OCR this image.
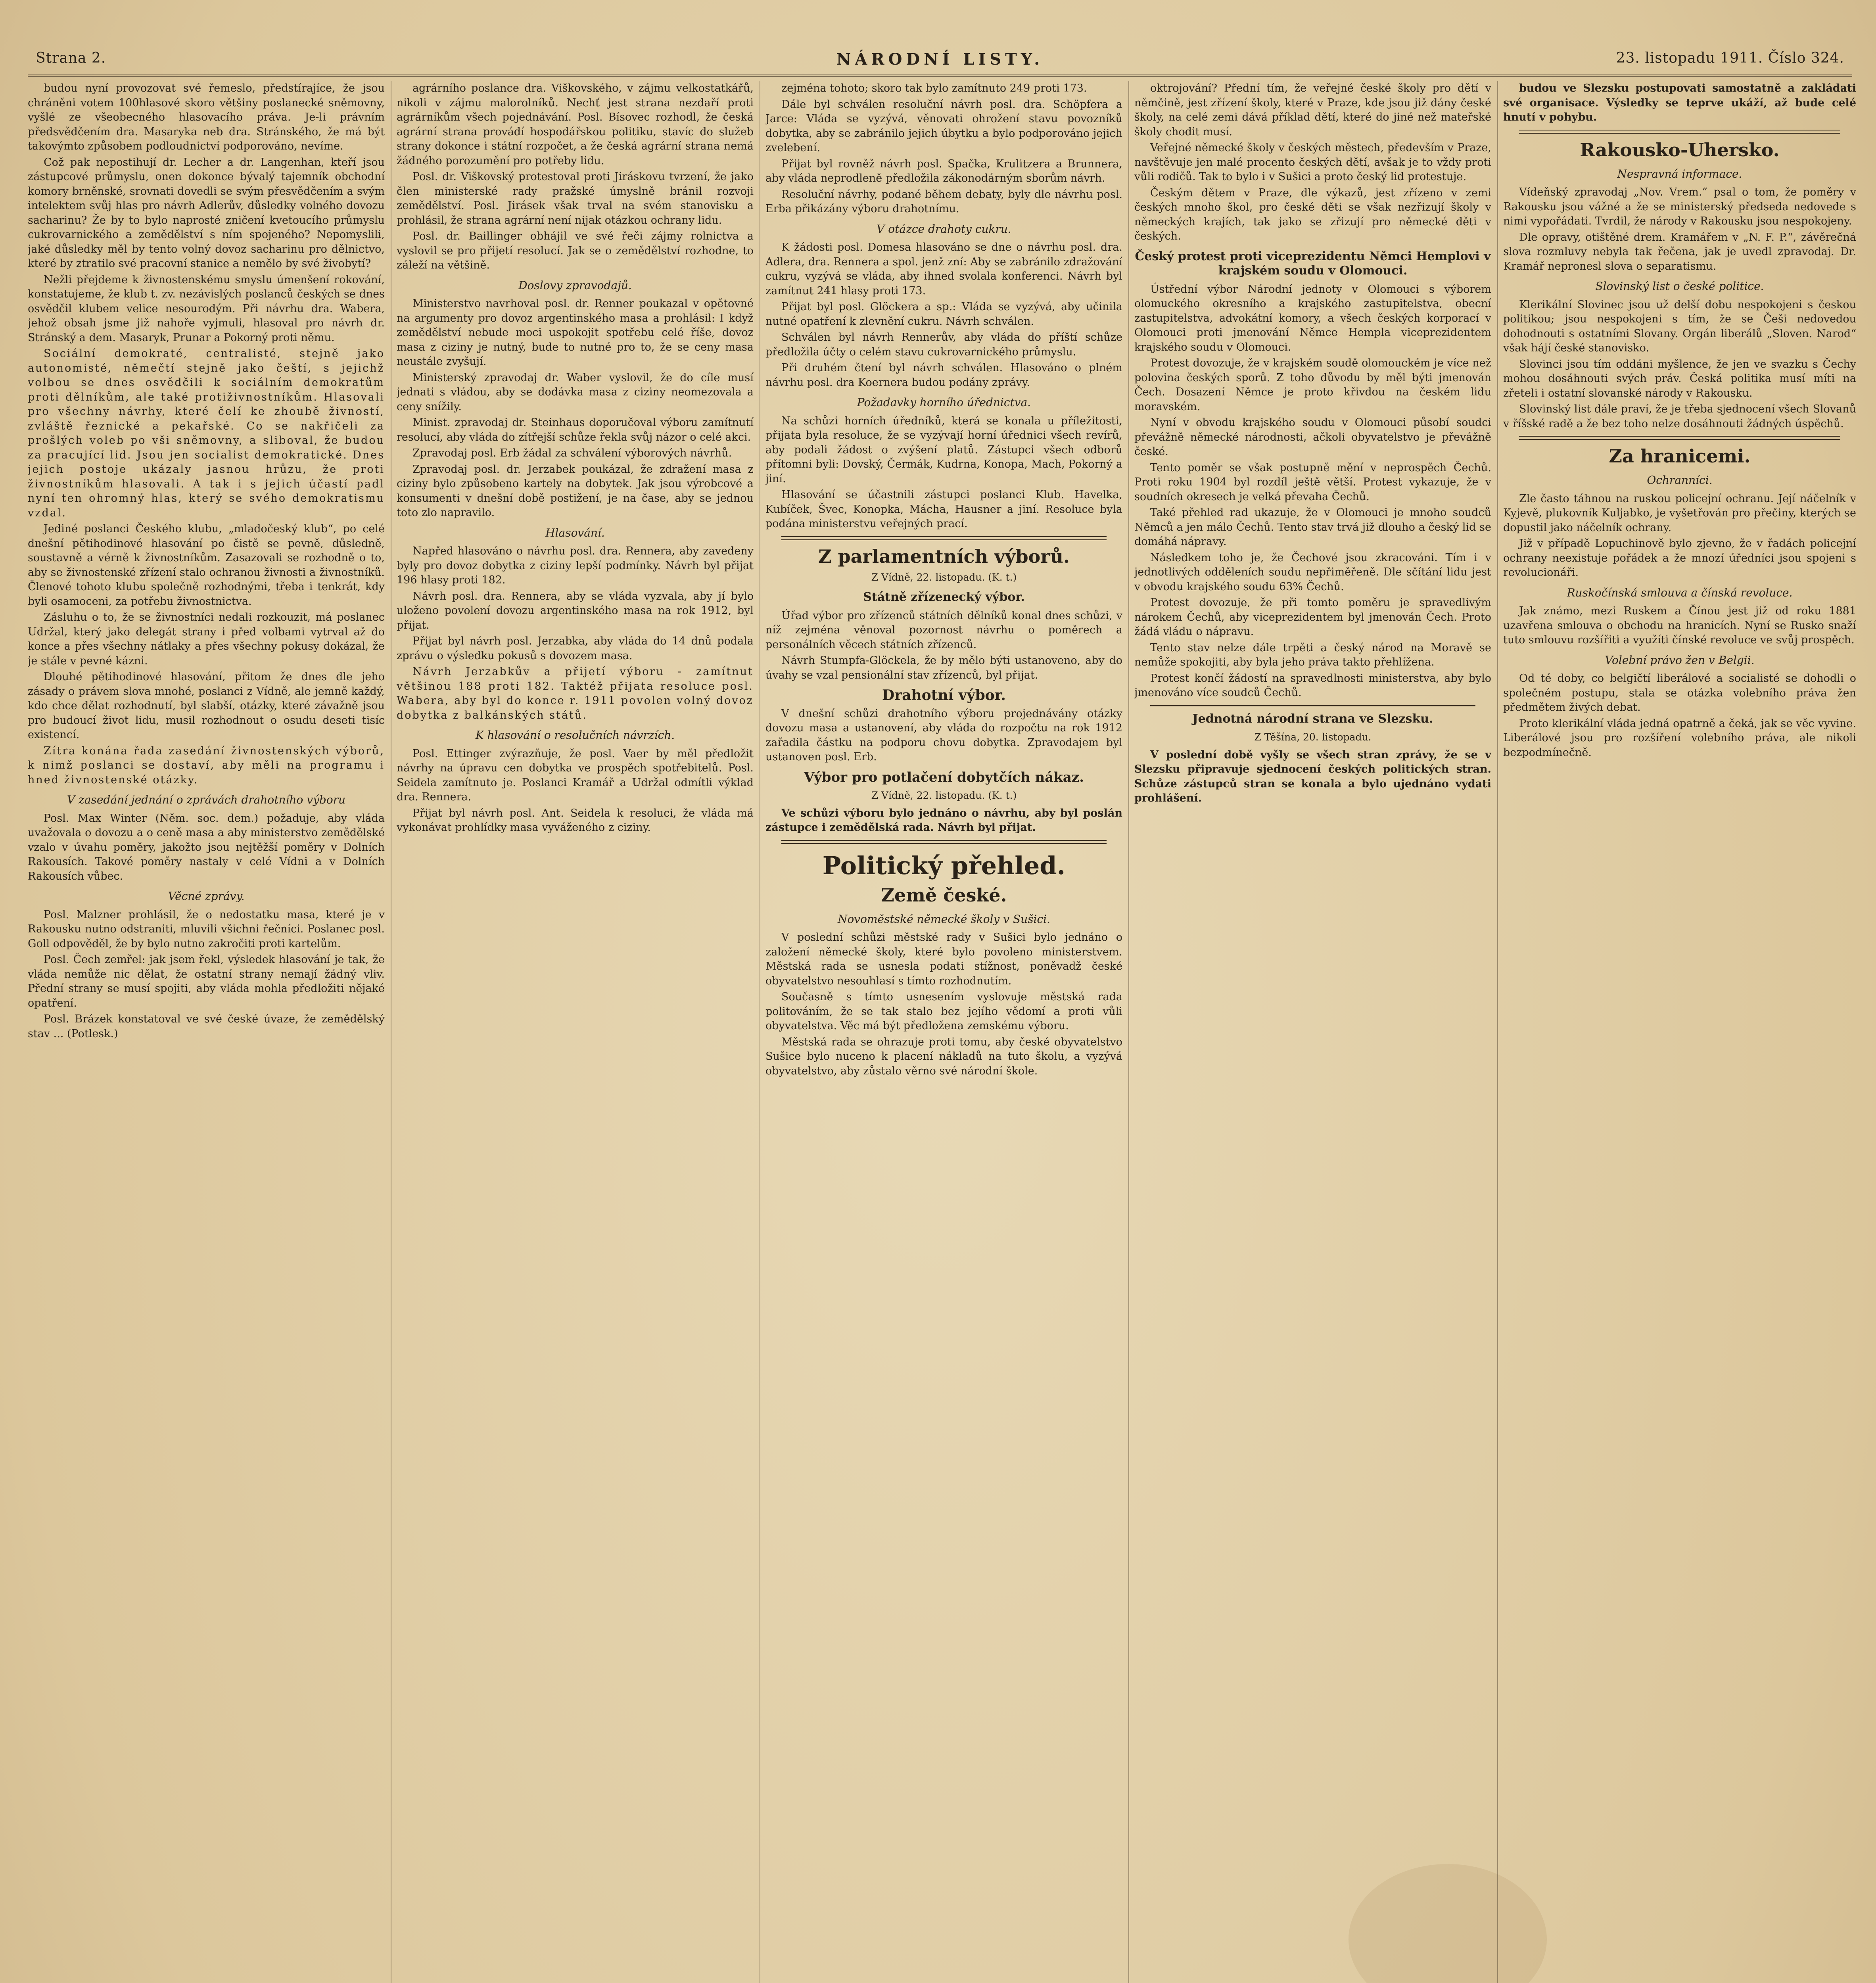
Strana 2.	NÁRODNÍ LISTY.	23. listopadu 1911. Číslo 324.

budou nyní provozovat své řemeslo, předstírajíce, že jsou chráněni votem 100hlasové skoro většiny poslanecké sněmovny, vyšlé ze všeobecného hlasovacího práva. Je-li právním předsvědčením dra. Masaryka neb dra. Stránského, že má být takovýmto způsobem podloudnictví podporováno, nevíme.

Což pak nepostihují dr. Lecher a dr. Langenhan, kteří jsou zástupcové průmyslu, onen dokonce bývalý tajemník obchodní komory brněnské, srovnati dovedli se svým přesvědčením a svým intelektem svůj hlas pro návrh Adlerův, důsledky volného dovozu sacharinu? Že by to bylo naprosté zničení kvetoucího průmyslu cukrovarnického a zemědělství s ním spojeného? Nepomyslili, jaké důsledky měl by tento volný dovoz sacharinu pro dělnictvo, které by ztratilo své pracovní stanice a nemělo by své živobytí?

Nežli přejdeme k živnostenskému smyslu úmenšení rokování, konstatujeme, že klub t. zv. nezávislých poslanců českých se dnes osvědčil klubem velice nesourodým. Při návrhu dra. Wabera, jehož obsah jsme již nahoře vyjmuli, hlasoval pro návrh dr. Stránský a dem. Masaryk, Prunar a Pokorný proti němu.

Sociální demokraté, centralisté, stejně jako autonomisté, němečtí stejně jako čeští, s jejichž volbou se dnes osvědčili k sociálním demokratům proti dělníkům, ale také protiživnostníkům. Hlasovali pro všechny návrhy, které čelí ke zhoubě živností, zvláště řeznické a pekařské. Co se nakřičeli za prošlých voleb po vši sněmovny, a sliboval, že budou za pracující lid. Jsou jen socialist demokratické. Dnes jejich postoje ukázaly jasnou hrůzu, že proti živnostníkům hlasovali. A tak i s jejich účastí padl nyní ten ohromný hlas, který se svého demokratismu vzdal.

Jediné poslanci Českého klubu, „mladočeský klub“, po celé dnešní pětihodinové hlasování po čistě se pevně, důsledně, soustavně a vérně k živnostníkům. Zasazovali se rozhodně o to, aby se živnostenské zřízení stalo ochranou živnosti a živnostníků. Členové tohoto klubu společně rozhodnými, třeba i tenkrát, kdy byli osamoceni, za potřebu živnostnictva.

Zásluhu o to, že se živnostníci nedali rozkouzit, má poslanec Udržal, který jako delegát strany i před volbami vytrval až do konce a přes všechny nátlaky a přes všechny pokusy dokázal, že je stále v pevné kázni.

Dlouhé pětihodinové hlasování, přitom že dnes dle jeho zásady o právem slova mnohé, poslanci z Vídně, ale jemně každý, kdo chce dělat rozhodnutí, byl slabší, otázky, které závažně jsou pro budoucí život lidu, musil rozhodnout o osudu deseti tisíc existencí.

Zítra konána řada zasedání živnostenských výborů, k nimž poslanci se dostaví, aby měli na programu i hned živnostenské otázky.

V zasedání jednání o zprávách drahotního výboru

Posl. Max Winter (Něm. soc. dem.) požaduje, aby vláda uvažovala o dovozu a o ceně masa a aby ministerstvo zemědělské vzalo v úvahu poměry, jakožto jsou nejtěžší poměry v Dolních Rakousích. Takové poměry nastaly v celé Vídni a v Dolních Rakousích vůbec.

Věcné zprávy.

Posl. Malzner prohlásil, že o nedostatku masa, které je v Rakousku nutno odstraniti, mluvili všichni řečníci. Poslanec posl. Goll odpověděl, že by bylo nutno zakročiti proti kartelům.

Posl. Čech zemřel: jak jsem řekl, výsledek hlasování je tak, že vláda nemůže nic dělat, že ostatní strany nemají žádný vliv. Přední strany se musí spojiti, aby vláda mohla předložiti nějaké opatření.

Posl. Brázek konstatoval ve své české úvaze, že zemědělský stav ... (Potlesk.)

agrárního poslance dra. Viškovského, v zájmu velkostatkářů, nikoli v zájmu malorolníků. Nechť jest strana nezdaří proti agrárníkům všech pojednávání. Posl. Bísovec rozhodl, že česká agrární strana provádí hospodářskou politiku, stavíc do služeb strany dokonce i státní rozpočet, a že česká agrární strana nemá žádného porozumění pro potřeby lidu.

Posl. dr. Viškovský protestoval proti Jiráskovu tvrzení, že jako člen ministerské rady pražské úmyslně bránil rozvoji zemědělství. Posl. Jirásek však trval na svém stanovisku a prohlásil, že strana agrární není nijak otázkou ochrany lidu.

Posl. dr. Baillinger obhájil ve své řeči zájmy rolnictva a vyslovil se pro přijetí resolucí. Jak se o zemědělství rozhodne, to záleží na většině.

Doslovy zpravodajů.

Ministerstvo navrhoval posl. dr. Renner poukazal v opětovné na argumenty pro dovoz argentinského masa a prohlásil: I když zemědělství nebude moci uspokojit spotřebu celé říše, dovoz masa z ciziny je nutný, bude to nutné pro to, že se ceny masa neustále zvyšují.

Ministerský zpravodaj dr. Waber vyslovil, že do cíle musí jednati s vládou, aby se dodávka masa z ciziny neomezovala a ceny snížily.

Minist. zpravodaj dr. Steinhaus doporučoval výboru zamítnutí resolucí, aby vláda do zítřejší schůze řekla svůj názor o celé akci.

Zpravodaj posl. Erb žádal za schválení výborových návrhů.

Zpravodaj posl. dr. Jerzabek poukázal, že zdražení masa z ciziny bylo způsobeno kartely na dobytek. Jak jsou výrobcové a konsumenti v dnešní době postižení, je na čase, aby se jednou toto zlo napravilo.

Hlasování.

Napřed hlasováno o návrhu posl. dra. Rennera, aby zavedeny byly pro dovoz dobytka z ciziny lepší podmínky. Návrh byl přijat 196 hlasy proti 182.

Návrh posl. dra. Rennera, aby se vláda vyzvala, aby jí bylo uloženo povolení dovozu argentinského masa na rok 1912, byl přijat.

Přijat byl návrh posl. Jerzabka, aby vláda do 14 dnů podala zprávu o výsledku pokusů s dovozem masa.

Návrh Jerzabkův a přijetí výboru - zamítnut většinou 188 proti 182. Taktéž přijata resoluce posl. Wabera, aby byl do konce r. 1911 povolen volný dovoz dobytka z balkánských států.

K hlasování o resolučních návrzích.

Posl. Ettinger zvýrazňuje, že posl. Vaer by měl předložit návrhy na úpravu cen dobytka ve prospěch spotřebitelů. Posl. Seidela zamítnuto je. Poslanci Kramář a Udržal odmítli výklad dra. Rennera.

Přijat byl návrh posl. Ant. Seidela k resoluci, že vláda má vykonávat prohlídky masa vyváženého z ciziny.

zejména tohoto; skoro tak bylo zamítnuto 249 proti 173.

Dále byl schválen resoluční návrh posl. dra. Schöpfera a Jarce: Vláda se vyzývá, věnovati ohrožení stavu povozníků dobytka, aby se zabránilo jejich úbytku a bylo podporováno jejich zvelebení.

Přijat byl rovněž návrh posl. Spačka, Krulitzera a Brunnera, aby vláda neprodleně předložila zákonodárným sborům návrh.

Resoluční návrhy, podané během debaty, byly dle návrhu posl. Erba přikázány výboru drahotnímu.

V otázce drahoty cukru.

K žádosti posl. Domesa hlasováno se dne o návrhu posl. dra. Adlera, dra. Rennera a spol. jenž zní: Aby se zabránilo zdražování cukru, vyzývá se vláda, aby ihned svolala konferenci. Návrh byl zamítnut 241 hlasy proti 173.

Přijat byl posl. Glöckera a sp.: Vláda se vyzývá, aby učinila nutné opatření k zlevnění cukru. Návrh schválen.

Schválen byl návrh Rennerův, aby vláda do příští schůze předložila účty o celém stavu cukrovarnického průmyslu.

Při druhém čtení byl návrh schválen. Hlasováno o plném návrhu posl. dra Koernera budou podány zprávy.

Požadavky horního úřednictva.

Na schůzi horních úředníků, která se konala u příležitosti, přijata byla resoluce, že se vyzývají horní úřednici všech revírů, aby podali žádost o zvýšení platů. Zástupci všech odborů přítomni byli: Dovský, Čermák, Kudrna, Konopa, Mach, Pokorný a jiní.

Hlasování se účastnili zástupci poslanci Klub. Havelka, Kubíček, Švec, Konopka, Mácha, Hausner a jiní. Resoluce byla podána ministerstvu veřejných prací.

Z parlamentních výborů.
Z Vídně, 22. listopadu. (K. t.)
Státně zřízenecký výbor.

Úřad výbor pro zřízenců státních dělníků konal dnes schůzi, v níž zejména věnoval pozornost návrhu o poměrech a personálních věcech státních zřízenců.

Návrh Stumpfa-Glöckela, že by mělo býti ustanoveno, aby do úvahy se vzal pensionální stav zřízenců, byl přijat.

Drahotní výbor.

V dnešní schůzi drahotního výboru projednávány otázky dovozu masa a ustanovení, aby vláda do rozpočtu na rok 1912 zařadila částku na podporu chovu dobytka. Zpravodajem byl ustanoven posl. Erb.

Výbor pro potlačení dobytčích nákaz.
Z Vídně, 22. listopadu. (K. t.)

Ve schůzi výboru bylo jednáno o návrhu, aby byl poslán zástupce i zemědělská rada. Návrh byl přijat.

Politický přehled.
Země české.
Novoměstské německé školy v Sušici.

V poslední schůzi městské rady v Sušici bylo jednáno o založení německé školy, které bylo povoleno ministerstvem. Městská rada se usnesla podati stížnost, poněvadž české obyvatelstvo nesouhlasí s tímto rozhodnutím.

Současně s tímto usnesením vyslovuje městská rada politováním, že se tak stalo bez jejího vědomí a proti vůli obyvatelstva. Věc má být předložena zemskému výboru.

Městská rada se ohrazuje proti tomu, aby české obyvatelstvo Sušice bylo nuceno k placení nákladů na tuto školu, a vyzývá obyvatelstvo, aby zůstalo věrno své národní škole.

oktrojování? Přední tím, že veřejné české školy pro dětí v němčině, jest zřízení školy, které v Praze, kde jsou již dány české školy, na celé zemi dává příklad dětí, které do jiné než mateřské školy chodit musí.

Veřejné německé školy v českých městech, především v Praze, navštěvuje jen malé procento českých dětí, avšak je to vždy proti vůli rodičů. Tak to bylo i v Sušici a proto český lid protestuje.

Českým dětem v Praze, dle výkazů, jest zřízeno v zemi českých mnoho škol, pro české děti se však nezřizují školy v německých krajích, tak jako se zřizují pro německé děti v českých.

Český protest proti viceprezidentu Němci Hemplovi v krajském soudu v Olomouci.

Ústřední výbor Národní jednoty v Olomouci s výborem olomuckého okresního a krajského zastupitelstva, obecní zastupitelstva, advokátní komory, a všech českých korporací v Olomouci proti jmenování Němce Hempla viceprezidentem krajského soudu v Olomouci.

Protest dovozuje, že v krajském soudě olomouckém je více než polovina českých sporů. Z toho důvodu by měl býti jmenován Čech. Dosazení Němce je proto křivdou na českém lidu moravském.

Nyní v obvodu krajského soudu v Olomouci působí soudci převážně německé národnosti, ačkoli obyvatelstvo je převážně české.

Tento poměr se však postupně mění v neprospěch Čechů. Proti roku 1904 byl rozdíl ještě větší. Protest vykazuje, že v soudních okresech je velká převaha Čechů.

Také přehled rad ukazuje, že v Olomouci je mnoho soudců Němců a jen málo Čechů. Tento stav trvá již dlouho a český lid se domáhá nápravy.

Následkem toho je, že Čechové jsou zkracováni. Tím i v jednotlivých odděleních soudu nepřiměřeně. Dle sčítání lidu jest v obvodu krajského soudu 63% Čechů.

Protest dovozuje, že při tomto poměru je spravedlivým nárokem Čechů, aby viceprezidentem byl jmenován Čech. Proto žádá vládu o nápravu.

Tento stav nelze dále trpěti a český národ na Moravě se nemůže spokojiti, aby byla jeho práva takto přehlížena.

Protest končí žádostí na spravedlnosti ministerstva, aby bylo jmenováno více soudců Čechů.

Jednotná národní strana ve Slezsku.
Z Těšína, 20. listopadu.

V poslední době vyšly se všech stran zprávy, že se v Slezsku připravuje sjednocení českých politických stran. Schůze zástupců stran se konala a bylo ujednáno vydati prohlášení.

budou ve Slezsku postupovati samostatně a zakládati své organisace. Výsledky se teprve ukáží, až bude celé hnutí v pohybu.

Rakousko-Uhersko.
Nespravná informace.

Vídeňský zpravodaj „Nov. Vrem.“ psal o tom, že poměry v Rakousku jsou vážné a že se ministerský předseda nedovede s nimi vypořádati. Tvrdil, že národy v Rakousku jsou nespokojeny.

Dle opravy, otištěné drem. Kramářem v „N. F. P.“, závěrečná slova rozmluvy nebyla tak řečena, jak je uvedl zpravodaj. Dr. Kramář nepronesl slova o separatismu.

Slovinský list o české politice.

Klerikální Slovinec jsou už delší dobu nespokojeni s českou politikou; jsou nespokojeni s tím, že se Češi nedovedou dohodnouti s ostatními Slovany. Orgán liberálů „Sloven. Narod“ však hájí české stanovisko.

Slovinci jsou tím oddáni myšlence, že jen ve svazku s Čechy mohou dosáhnouti svých práv. Česká politika musí míti na zřeteli i ostatní slovanské národy v Rakousku.

Slovinský list dále praví, že je třeba sjednocení všech Slovanů v říšské radě a že bez toho nelze dosáhnouti žádných úspěchů.

Za hranicemi.
Ochranníci.

Zle často táhnou na ruskou policejní ochranu. Její náčelník v Kyjevě, plukovník Kuljabko, je vyšetřován pro přečiny, kterých se dopustil jako náčelník ochrany.

Již v případě Lopuchinově bylo zjevno, že v řadách policejní ochrany neexistuje pořádek a že mnozí úředníci jsou spojeni s revolucionáři.

Ruskočínská smlouva a čínská revoluce.

Jak známo, mezi Ruskem a Čínou jest již od roku 1881 uzavřena smlouva o obchodu na hranicích. Nyní se Rusko snaží tuto smlouvu rozšířiti a využíti čínské revoluce ve svůj prospěch.

Volební právo žen v Belgii.

Od té doby, co belgičtí liberálové a socialisté se dohodli o společném postupu, stala se otázka volebního práva žen předmětem živých debat.

Proto klerikální vláda jedná opatrně a čeká, jak se věc vyvine. Liberálové jsou pro rozšíření volebního práva, ale nikoli bezpodmínečně.
